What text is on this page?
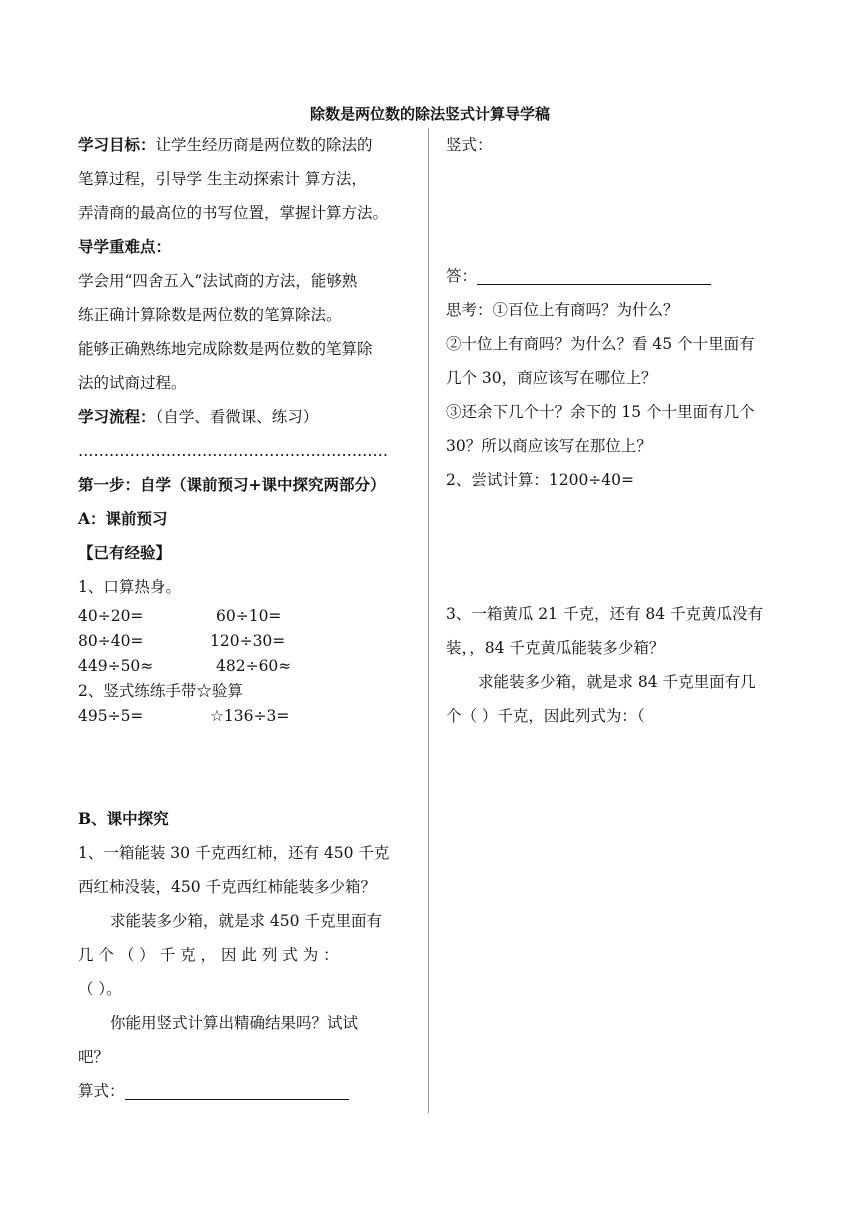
除数是两位数的除法竖式计算导学稿
学习目标：让学生经历商是两位数的除法的
笔算过程，引导学 生主动探索计 算方法，
弄清商的最高位的书写位置，掌握计算方法。
导学重难点：
学会用“四舍五入”法试商的方法，能够熟
练正确计算除数是两位数的笔算除法。
能够正确熟练地完成除数是两位数的笔算除
法的试商过程。
学习流程：（自学、看微课、练习）
……………………………………………………
第一步：自学（课前预习+课中探究两部分）
A：课前预习
【已有经验】
1、口算热身。
40÷20=	60÷10=
80÷40=	120÷30=
449÷50≈	482÷60≈
2、竖式练练手带☆验算
495÷5=	☆136÷3=
B、课中探究
1、一箱能装 30 千克西红柿，还有 450 千克
西红柿没装，450 千克西红柿能装多少箱？
求能装多少箱，就是求 450 千克里面有
几 个 （ ） 千 克 ， 因 此 列 式 为 ：
（ ）。
你能用竖式计算出精确结果吗？试试
吧？
算式：
竖式：
答：
思考：①百位上有商吗？为什么？
②十位上有商吗？为什么？看 45 个十里面有
几个 30，商应该写在哪位上？
③还余下几个十？余下的 15 个十里面有几个
30？所以商应该写在那位上？
2、尝试计算：1200÷40=
3、一箱黄瓜 21 千克，还有 84 千克黄瓜没有
装，，84 千克黄瓜能装多少箱？
求能装多少箱，就是求 84 千克里面有几
个（ ）千克，因此列式为：（
